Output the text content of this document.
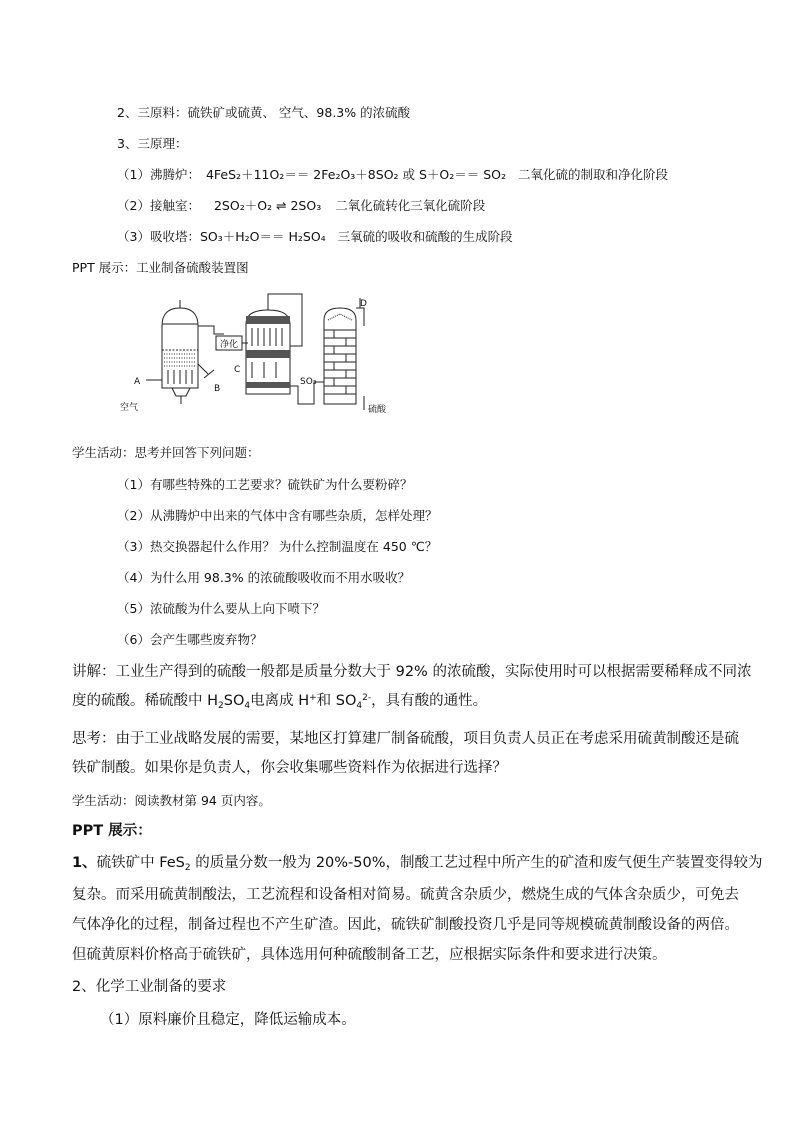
2、三原料：硫铁矿或硫黄、 空气、98.3% 的浓硫酸
3、三原理：
（1）沸腾炉： 4FeS₂＋11O₂＝＝ 2Fe₂O₃＋8SO₂ 或 S＋O₂＝＝ SO₂ 二氧化硫的制取和净化阶段
（2）接触室： 2SO₂＋O₂ ⇌ 2SO₃ 二氧化硫转化三氧化硫阶段
（3）吸收塔：SO₃＋H₂O＝＝ H₂SO₄ 三氧硫的吸收和硫酸的生成阶段
PPT 展示：工业制备硫酸装置图
A
B
C
D
净化
SO₃
硫酸
空气
学生活动：思考并回答下列问题：
（1）有哪些特殊的工艺要求？硫铁矿为什么要粉碎？
（2）从沸腾炉中出来的气体中含有哪些杂质，怎样处理？
（3）热交换器起什么作用？ 为什么控制温度在 450 ℃？
（4）为什么用 98.3% 的浓硫酸吸收而不用水吸收？
（5）浓硫酸为什么要从上向下喷下？
（6）会产生哪些废弃物？
讲解：工业生产得到的硫酸一般都是质量分数大于 92% 的浓硫酸，实际使用时可以根据需要稀释成不同浓
度的硫酸。稀硫酸中 $H_2SO_4$电离成 H+和 $SO_4^{2-}$，具有酸的通性。
思考：由于工业战略发展的需要，某地区打算建厂制备硫酸，项目负责人员正在考虑采用硫黄制酸还是硫
铁矿制酸。如果你是负责人，你会收集哪些资料作为依据进行选择？
学生活动：阅读教材第 94 页内容。
PPT 展示：
1、硫铁矿中 FeS$_2$ 的质量分数一般为 20%-50%，制酸工艺过程中所产生的矿渣和废气便生产装置变得较为
复杂。而采用硫黄制酸法，工艺流程和设备相对简易。硫黄含杂质少，燃烧生成的气体含杂质少，可免去
气体净化的过程，制备过程也不产生矿渣。因此，硫铁矿制酸投资几乎是同等规模硫黄制酸设备的两倍。
但硫黄原料价格高于硫铁矿，具体选用何种硫酸制备工艺，应根据实际条件和要求进行决策。
2、化学工业制备的要求
（1）原料廉价且稳定，降低运输成本。
